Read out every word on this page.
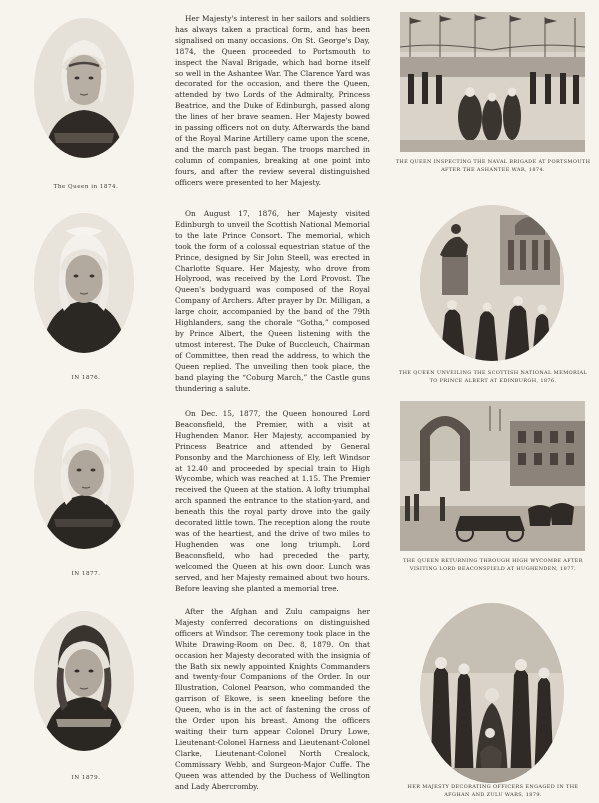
The Queen in 1874.
Her Majesty's interest in her sailors and soldiers has always taken a practical form, and has been signalised on many occasions. On St. George's Day, 1874, the Queen proceeded to Portsmouth to inspect the Naval Brigade, which had borne itself so well in the Ashantee War. The Clarence Yard was decorated for the occasion, and there the Queen, attended by two Lords of the Admiralty, Princess Beatrice, and the Duke of Edinburgh, passed along the lines of her brave seamen. Her Majesty bowed in passing officers not on duty. Afterwards the band of the Royal Marine Artillery came upon the scene, and the march past began. The troops marched in column of companies, breaking at one point into fours, and after the review several distinguished officers were presented to her Majesty.
THE QUEEN INSPECTING THE NAVAL BRIGADE AT PORTSMOUTH AFTER THE ASHANTEE WAR, 1874.
IN 1876.
On August 17, 1876, her Majesty visited Edinburgh to unveil the Scottish National Memorial to the late Prince Consort. The memorial, which took the form of a colossal equestrian statue of the Prince, designed by Sir John Steell, was erected in Charlotte Square. Her Majesty, who drove from Holyrood, was received by the Lord Provost. The Queen's bodyguard was composed of the Royal Company of Archers. After prayer by Dr. Milligan, a large choir, accompanied by the band of the 79th Highlanders, sang the chorale “Gotha,” composed by Prince Albert, the Queen listening with the utmost interest. The Duke of Buccleuch, Chairman of Committee, then read the address, to which the Queen replied. The unveiling then took place, the band playing the “Coburg March,” the Castle guns thundering a salute.
THE QUEEN UNVEILING THE SCOTTISH NATIONAL MEMORIAL TO PRINCE ALBERT AT EDINBURGH, 1876.
IN 1877.
On Dec. 15, 1877, the Queen honoured Lord Beaconsfield, the Premier, with a visit at Hughenden Manor. Her Majesty, accompanied by Princess Beatrice and attended by General Ponsonby and the Marchioness of Ely, left Windsor at 12.40 and proceeded by special train to High Wycombe, which was reached at 1.15. The Premier received the Queen at the station. A lofty triumphal arch spanned the entrance to the station-yard, and beneath this the royal party drove into the gaily decorated little town. The reception along the route was of the heartiest, and the drive of two miles to Hughenden was one long triumph. Lord Beaconsfield, who had preceded the party, welcomed the Queen at his own door. Lunch was served, and her Majesty remained about two hours. Before leaving she planted a memorial tree.
THE QUEEN RETURNING THROUGH HIGH WYCOMBE AFTER VISITING LORD BEACONSFIELD AT HUGHENDEN, 1877.
IN 1879.
After the Afghan and Zulu campaigns her Majesty conferred decorations on distinguished officers at Windsor. The ceremony took place in the White Drawing-Room on Dec. 8, 1879. On that occasion her Majesty decorated with the insignia of the Bath six newly appointed Knights Commanders and twenty-four Companions of the Order. In our Illustration, Colonel Pearson, who commanded the garrison of Ekowe, is seen kneeling before the Queen, who is in the act of fastening the cross of the Order upon his breast. Among the officers waiting their turn appear Colonel Drury Lowe, Lieutenant-Colonel Harness and Lieutenant-Colonel Clarke, Lieutenant-Colonel North Crealock, Commissary Webb, and Surgeon-Major Cuffe. The Queen was attended by the Duchess of Wellington and Lady Abercromby.	HER MAJESTY DECORATING OFFICERS ENGAGED IN THE AFGHAN AND ZULU WARS, 1879.
